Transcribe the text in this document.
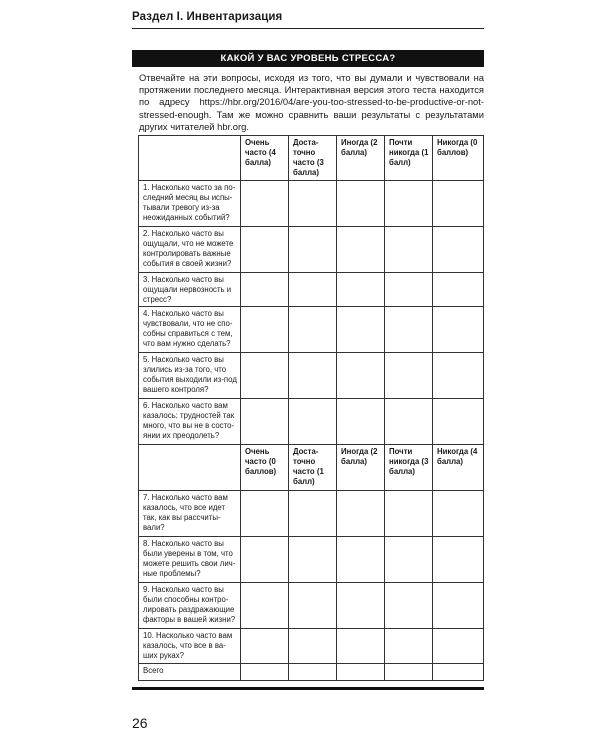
Раздел I. Инвентаризация
КАКОЙ У ВАС УРОВЕНЬ СТРЕССА?

Отвечайте на эти вопросы, исходя из того, что вы думали и чувствовали на протяжении последнего месяца. Интерактивная версия этого теста находится по адресу https://hbr.org/2016/04/are-you-too-stressed-to-be-productive-or-not-stressed-enough. Там же можно сравнить ваши результаты с результатами других читателей hbr.org.

	Очень часто (4 балла)	Достаточно часто (3 балла)	Иногда (2 балла)	Почти никогда (1 балл)	Никогда (0 баллов)
1. Насколько часто за последний месяц вы испытывали тревогу из-за неожиданных событий?					
2. Насколько часто вы ощущали, что не можете контролировать важные события в своей жизни?					
3. Насколько часто вы ощущали нервозность и стресс?					
4. Насколько часто вы чувствовали, что не способны справиться с тем, что вам нужно сделать?					
5. Насколько часто вы злились из-за того, что события выходили из-под вашего контроля?					
6. Насколько часто вам казалось: трудностей так много, что вы не в состоянии их преодолеть?					
	Очень часто (0 баллов)	Достаточно часто (1 балл)	Иногда (2 балла)	Почти никогда (3 балла)	Никогда (4 балла)
7. Насколько часто вам казалось, что все идет так, как вы рассчитывали?					
8. Насколько часто вы были уверены в том, что можете решить свои личные проблемы?					
9. Насколько часто вы были способны контролировать раздражающие факторы в вашей жизни?					
10. Насколько часто вам казалось, что все в ваших руках?					
Всего					
26
